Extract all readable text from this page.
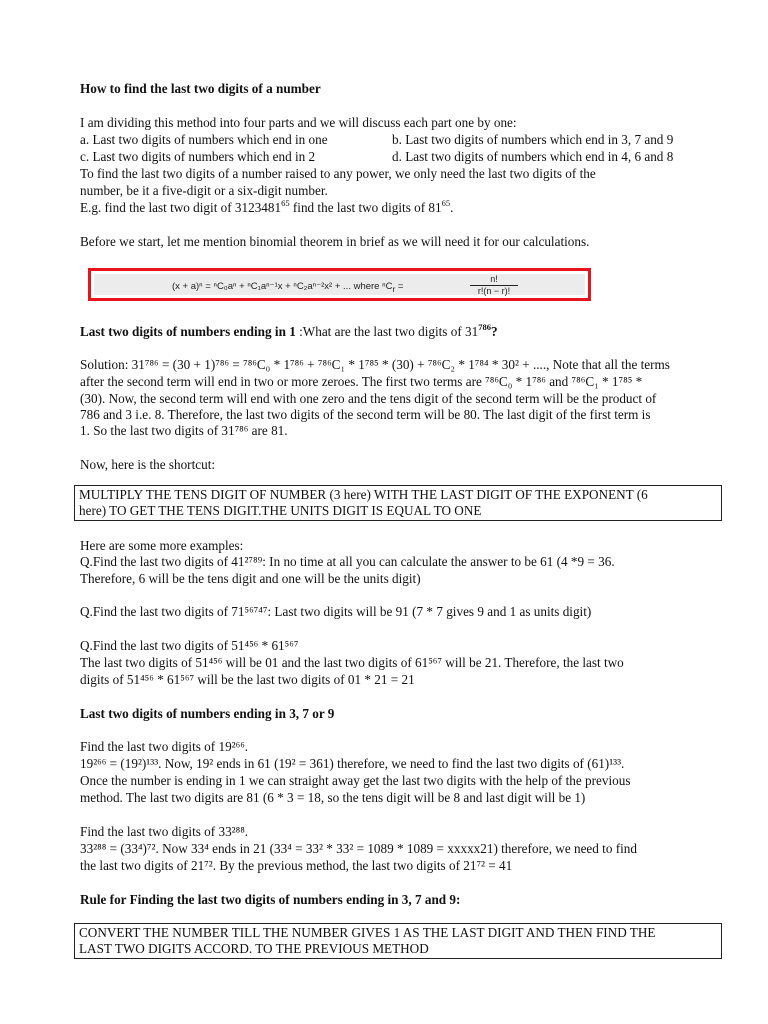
How to find the last two digits of a number
I am dividing this method into four parts and we will discuss each part one by one:
a. Last two digits of numbers which end in one	b. Last two digits of numbers which end in 3, 7 and 9
c. Last two digits of numbers which end in 2	d. Last two digits of numbers which end in 4, 6 and 8
To find the last two digits of a number raised to any power, we only need the last two digits of the
number, be it a five-digit or a six-digit number.
E.g. find the last two digit of 3123481$^{65}$ find the last two digits of $81^{65}$.
Before we start, let me mention binomial theorem in brief as we will need it for our calculations.
(x + a)ⁿ = ⁿC₀aⁿ + ⁿC₁aⁿ⁻¹x + ⁿC₂aⁿ⁻²x² + ... where ⁿC$_r$ =	$\frac{n!}{r!(n - r)!}$
Last two digits of numbers ending in 1 :What are the last two digits of $31^{786}$?
Solution: 31⁷⁸⁶ = (30 + 1)⁷⁸⁶ = ⁷⁸⁶C₀ * 1⁷⁸⁶ + ⁷⁸⁶C₁ * 1⁷⁸⁵ * (30) + ⁷⁸⁶C₂ * 1⁷⁸⁴ * 30² + ...., Note that all the terms
after the second term will end in two or more zeroes. The first two terms are ⁷⁸⁶C₀ * 1⁷⁸⁶ and ⁷⁸⁶C₁ * 1⁷⁸⁵ *
(30). Now, the second term will end with one zero and the tens digit of the second term will be the product of
786 and 3 i.e. 8. Therefore, the last two digits of the second term will be 80. The last digit of the first term is
1. So the last two digits of 31⁷⁸⁶ are 81.
Now, here is the shortcut:
MULTIPLY THE TENS DIGIT OF NUMBER (3 here) WITH THE LAST DIGIT OF THE EXPONENT (6
here) TO GET THE TENS DIGIT.THE UNITS DIGIT IS EQUAL TO ONE
Here are some more examples:
Q.Find the last two digits of 41²⁷⁸⁹: In no time at all you can calculate the answer to be 61 (4 *9 = 36.
Therefore, 6 will be the tens digit and one will be the units digit)
Q.Find the last two digits of 71⁵⁶⁷⁴⁷: Last two digits will be 91 (7 * 7 gives 9 and 1 as units digit)
Q.Find the last two digits of 51⁴⁵⁶ * 61⁵⁶⁷
The last two digits of 51⁴⁵⁶ will be 01 and the last two digits of 61⁵⁶⁷ will be 21. Therefore, the last two
digits of 51⁴⁵⁶ * 61⁵⁶⁷ will be the last two digits of 01 * 21 = 21
Last two digits of numbers ending in 3, 7 or 9
Find the last two digits of 19²⁶⁶.
19²⁶⁶ = (19²)¹³³. Now, 19² ends in 61 (19² = 361) therefore, we need to find the last two digits of (61)¹³³.
Once the number is ending in 1 we can straight away get the last two digits with the help of the previous
method. The last two digits are 81 (6 * 3 = 18, so the tens digit will be 8 and last digit will be 1)
Find the last two digits of 33²⁸⁸.
33²⁸⁸ = (33⁴)⁷². Now 33⁴ ends in 21 (33⁴ = 33² * 33² = 1089 * 1089 = xxxxx21) therefore, we need to find
the last two digits of 21⁷². By the previous method, the last two digits of 21⁷² = 41
Rule for Finding the last two digits of numbers ending in 3, 7 and 9:
CONVERT THE NUMBER TILL THE NUMBER GIVES 1 AS THE LAST DIGIT AND THEN FIND THE
LAST TWO DIGITS ACCORD. TO THE PREVIOUS METHOD
